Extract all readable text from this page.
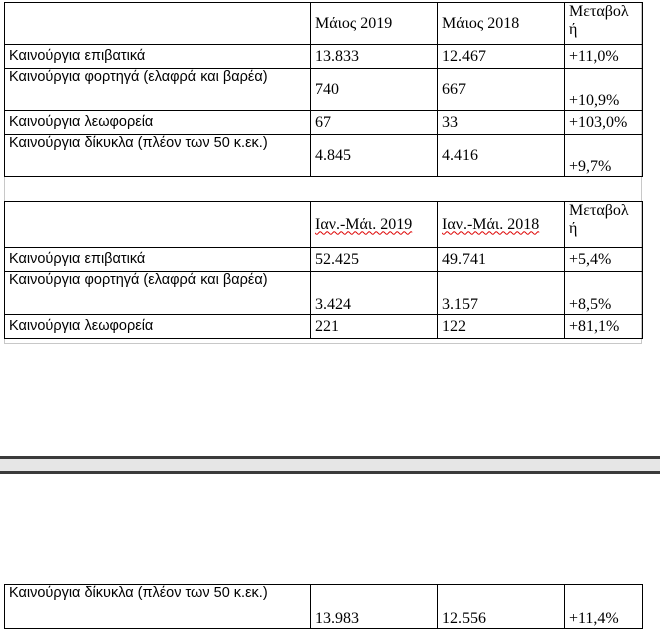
	Μάιος 2019	Μάιος 2018	Μεταβολ ή
Καινούργια επιβατικά	13.833	12.467	+11,0%
Καινούργια φορτηγά (ελαφρά και βαρέα)	740	667	+10,9%
Καινούργια λεωφορεία	67	33	+103,0%
Καινούργια δίκυκλα (πλέον των 50 κ.εκ.)	4.845	4.416	+9,7%
	Ιαν.-Μάι. 2019	Ιαν.-Μάι. 2018	Μεταβολ ή
Καινούργια επιβατικά	52.425	49.741	+5,4%
Καινούργια φορτηγά (ελαφρά και βαρέα)	3.424	3.157	+8,5%
Καινούργια λεωφορεία	221	122	+81,1%
Καινούργια δίκυκλα (πλέον των 50 κ.εκ.)	13.983	12.556	+11,4%
